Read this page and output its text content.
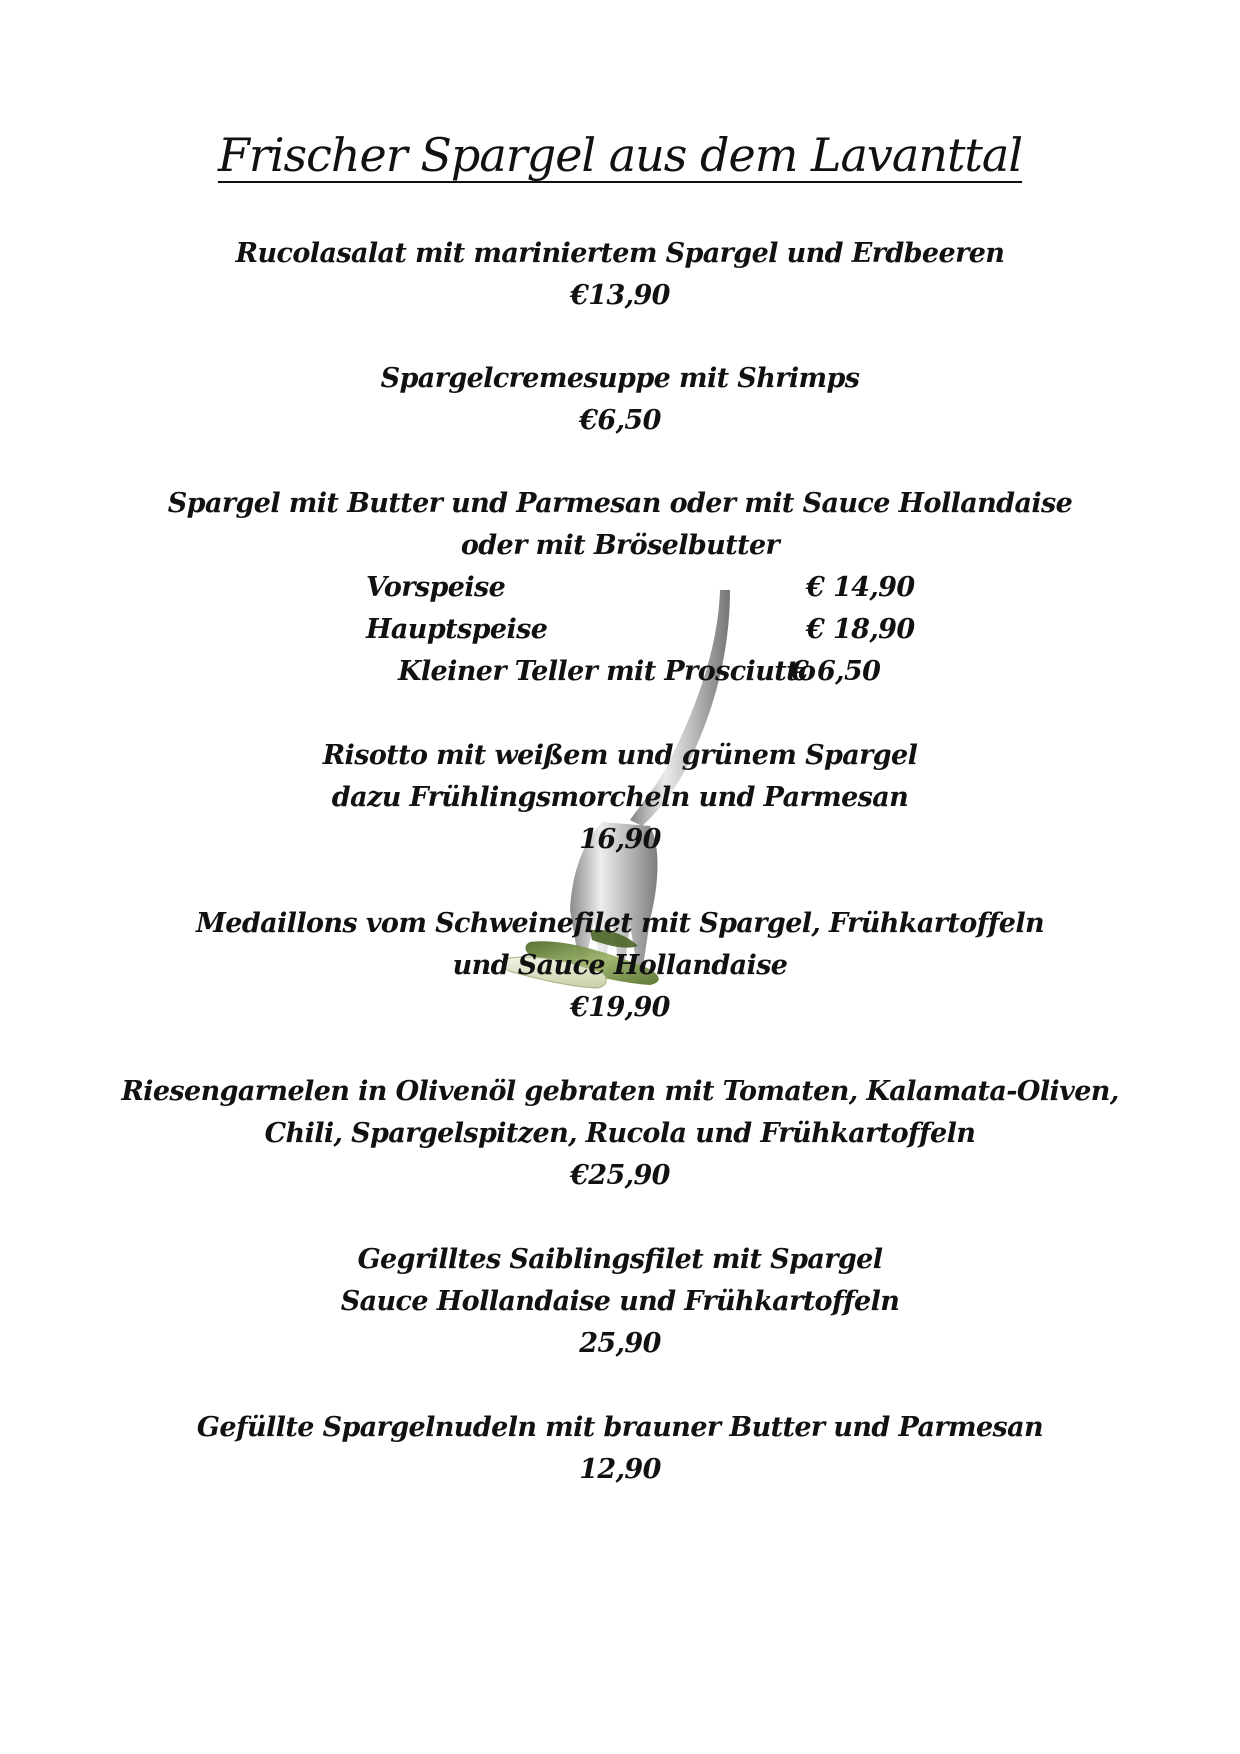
Frischer Spargel aus dem Lavanttal
Rucolasalat mit mariniertem Spargel und Erdbeeren
€13,90
Spargelcremesuppe mit Shrimps
€6,50
Spargel mit Butter und Parmesan oder mit Sauce Hollandaise
oder mit Bröselbutter
Vorspeise	€ 14,90
Hauptspeise	€ 18,90
Kleiner Teller mit Prosciutto
€ 6,50
Risotto mit weißem und grünem Spargel
dazu Frühlingsmorcheln und Parmesan
16,90
Medaillons vom Schweinefilet mit Spargel, Frühkartoffeln
und Sauce Hollandaise
€19,90
Riesengarnelen in Olivenöl gebraten mit Tomaten, Kalamata-Oliven,
Chili, Spargelspitzen, Rucola und Frühkartoffeln
€25,90
Gegrilltes Saiblingsfilet mit Spargel
Sauce Hollandaise und Frühkartoffeln
25,90
Gefüllte Spargelnudeln mit brauner Butter und Parmesan
12,90
